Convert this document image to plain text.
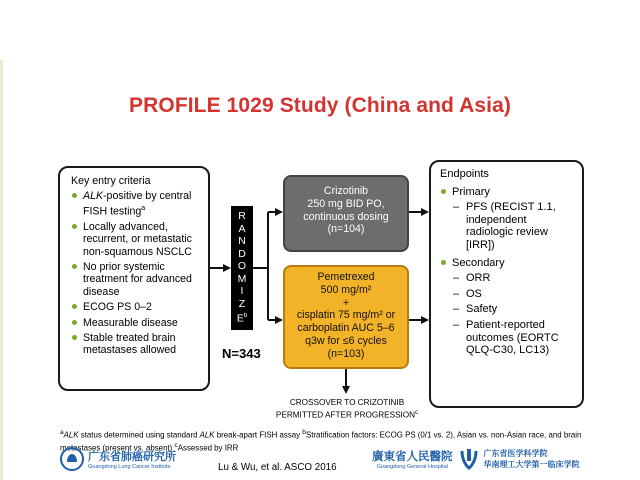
PROFILE 1029 Study (China and Asia)
Key entry criteria
ALK-positive by central FISH testing$^a$
Locally advanced, recurrent, or metastatic non-squamous NSCLC
No prior systemic treatment for advanced disease
ECOG PS 0–2
Measurable disease
Stable treated brain metastases allowed
R
A
N
D
O
M
I
Z
$E^b$
N=343
Crizotinib
250 mg BID PO,
continuous dosing
(n=104)
Pemetrexed
500 mg/m²
+
cisplatin 75 mg/m² or
carboplatin AUC 5–6
q3w for ≤6 cycles
(n=103)
CROSSOVER TO CRIZOTINIB
PERMITTED AFTER PROGRESSION$^c$
Endpoints
Primary
– PFS (RECIST 1.1, independent radiologic review [IRR])
Secondary
– ORR
– OS
– Safety
– Patient-reported outcomes (EORTC QLQ-C30, LC13)
$^a$ALK status determined using standard ALK break-apart FISH assay $^b$Stratification factors: ECOG PS (0/1 vs. 2), Asian vs. non-Asian race, and brain metastases (present vs. absent) $^c$Assessed by IRR
广东省肺癌研究所
Guangdong Lung Cancer Institute	Lu & Wu, et al. ASCO 2016
廣東省人民醫院
Guangdong General Hospital
广东省医学科学院
华南理工大学第一临床学院
